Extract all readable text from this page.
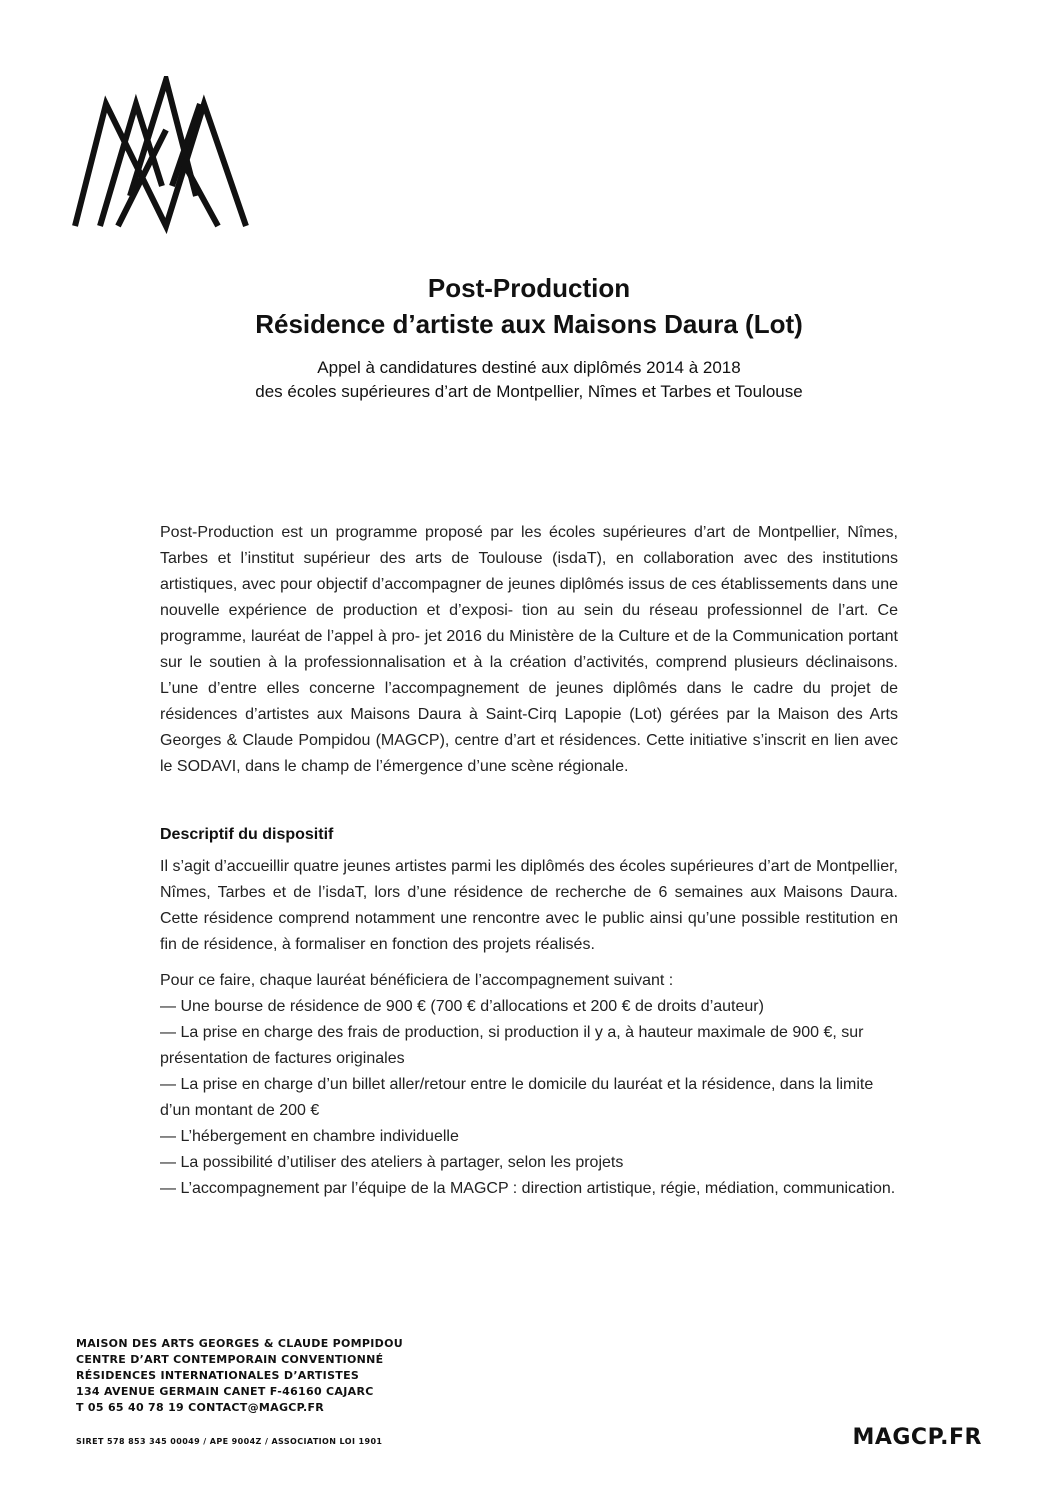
Post-Production
Résidence d’artiste aux Maisons Daura (Lot)

Appel à candidatures destiné aux diplômés 2014 à 2018
des écoles supérieures d’art de Montpellier, Nîmes et Tarbes et Toulouse

Post-Production est un programme proposé par les écoles supérieures d’art de Montpellier, Nîmes, Tarbes et l’institut supérieur des arts de Toulouse (isdaT), en collaboration avec des institutions artistiques, avec pour objectif d’accompagner de jeunes diplômés issus de ces établissements dans une nouvelle expérience de production et d’exposi- tion au sein du réseau professionnel de l’art. Ce programme, lauréat de l’appel à pro- jet 2016 du Ministère de la Culture et de la Communication portant sur le soutien à la professionnalisation et à la création d’activités, comprend plusieurs déclinaisons. L’une d’entre elles concerne l’accompagnement de jeunes diplômés dans le cadre du projet de résidences d’artistes aux Maisons Daura à Saint-Cirq Lapopie (Lot) gérées par la Maison des Arts Georges & Claude Pompidou (MAGCP), centre d’art et résidences. Cette initiative s’inscrit en lien avec le SODAVI, dans le champ de l’émergence d’une scène régionale.

Descriptif du dispositif

Il s’agit d’accueillir quatre jeunes artistes parmi les diplômés des écoles supérieures d’art de Montpellier, Nîmes, Tarbes et de l’isdaT, lors d’une résidence de recherche de 6 semaines aux Maisons Daura. Cette résidence comprend notamment une rencontre avec le public ainsi qu’une possible restitution en fin de résidence, à formaliser en fonction des projets réalisés.

Pour ce faire, chaque lauréat bénéficiera de l’accompagnement suivant :

— Une bourse de résidence de 900 € (700 € d’allocations et 200 € de droits d’auteur)
— La prise en charge des frais de production, si production il y a, à hauteur maximale de 900 €, sur présentation de factures originales
— La prise en charge d’un billet aller/retour entre le domicile du lauréat et la résidence, dans la limite d’un montant de 200 €
— L’hébergement en chambre individuelle
— La possibilité d’utiliser des ateliers à partager, selon les projets
— L’accompagnement par l’équipe de la MAGCP : direction artistique, régie, médiation, communication.
MAISON DES ARTS GEORGES & CLAUDE POMPIDOU
CENTRE D’ART CONTEMPORAIN CONVENTIONNÉ
RÉSIDENCES INTERNATIONALES D’ARTISTES
134 AVENUE GERMAIN CANET F-46160 CAJARC
T 05 65 40 78 19 CONTACT@MAGCP.FR
SIRET 578 853 345 00049 / APE 9004Z / ASSOCIATION LOI 1901	MAGCP.FR
